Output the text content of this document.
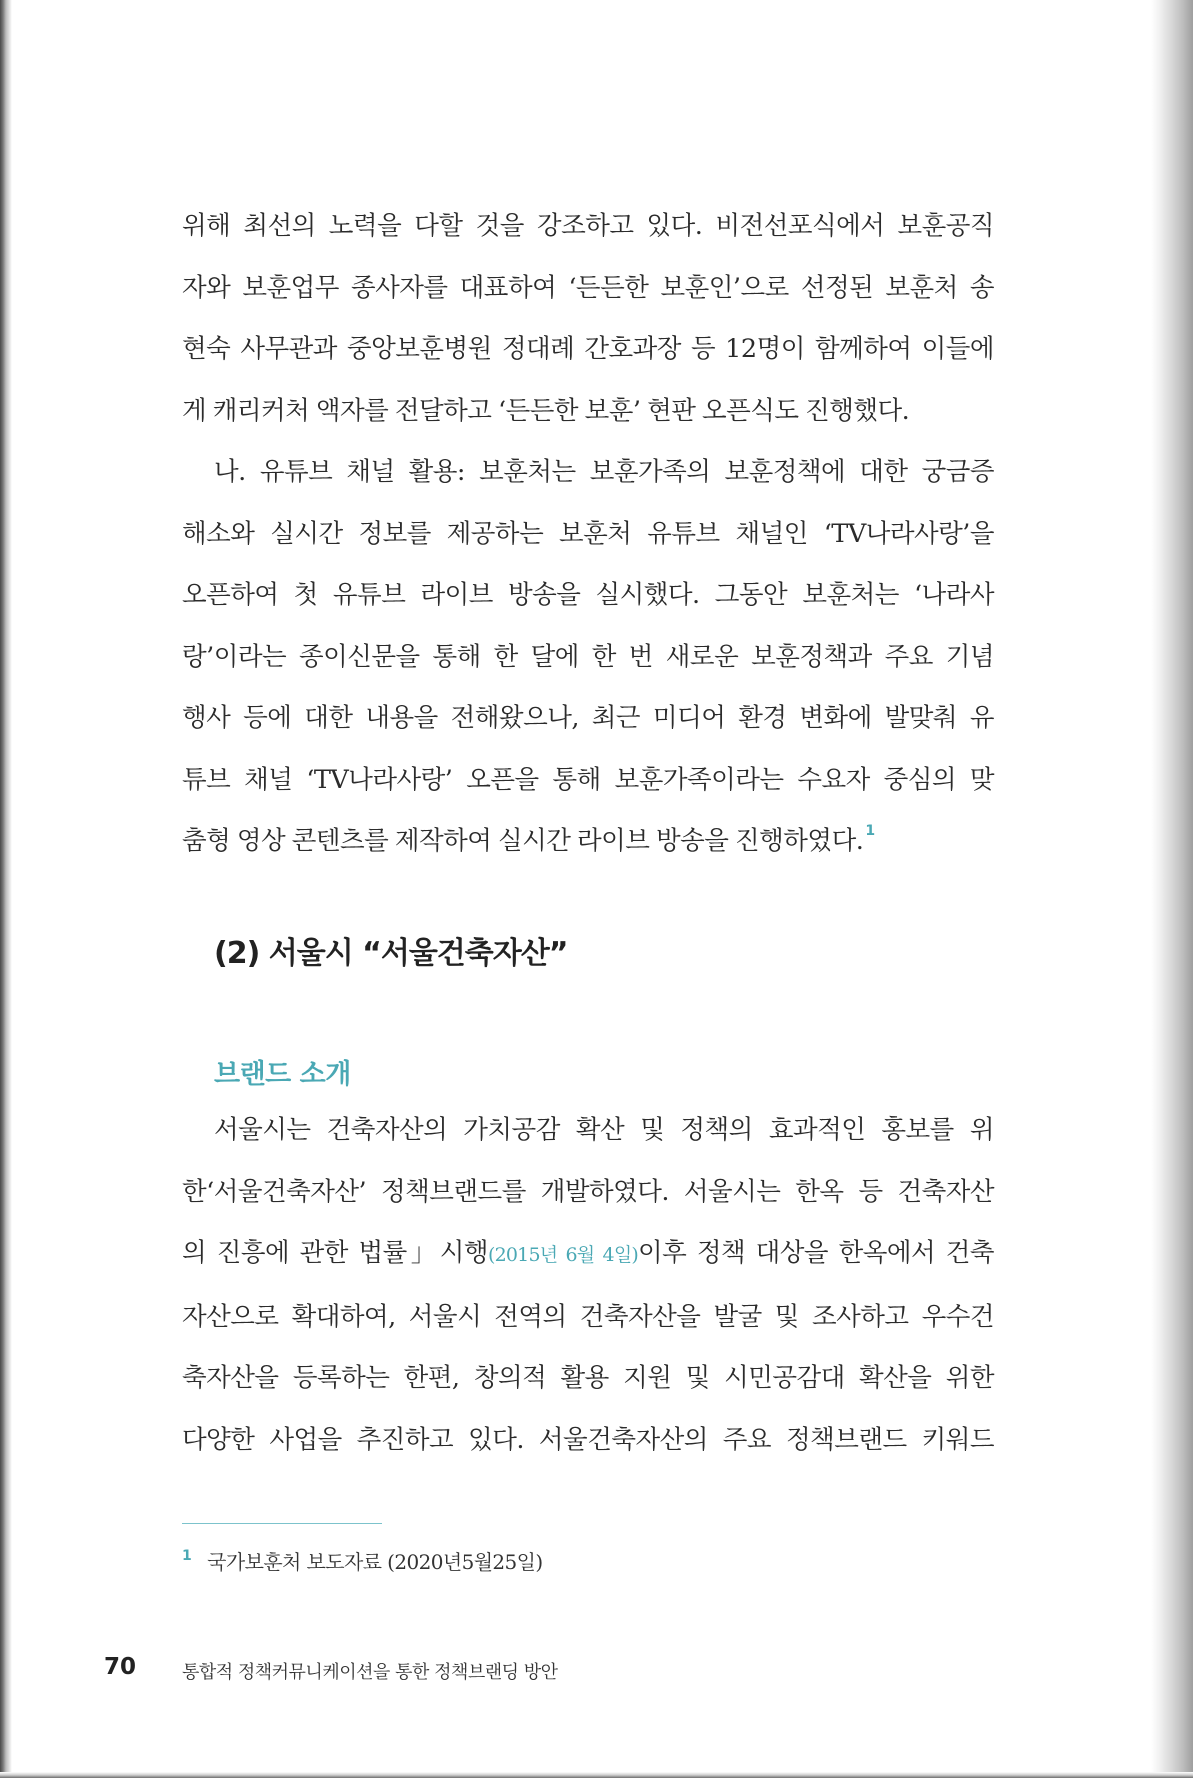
위해 최선의 노력을 다할 것을 강조하고 있다. 비전선포식에서 보훈공직
자와 보훈업무 종사자를 대표하여 ‘든든한 보훈인’으로 선정된 보훈처 송
현숙 사무관과 중앙보훈병원 정대례 간호과장 등 12명이 함께하여 이들에
게 캐리커처 액자를 전달하고 ‘든든한 보훈’ 현판 오픈식도 진행했다.

나. 유튜브 채널 활용: 보훈처는 보훈가족의 보훈정책에 대한 궁금증
해소와 실시간 정보를 제공하는 보훈처 유튜브 채널인 ‘TV나라사랑’을
오픈하여 첫 유튜브 라이브 방송을 실시했다. 그동안 보훈처는 ‘나라사
랑’이라는 종이신문을 통해 한 달에 한 번 새로운 보훈정책과 주요 기념
행사 등에 대한 내용을 전해왔으나, 최근 미디어 환경 변화에 발맞춰 유
튜브 채널 ‘TV나라사랑’ 오픈을 통해 보훈가족이라는 수요자 중심의 맞
춤형 영상 콘텐츠를 제작하여 실시간 라이브 방송을 진행하였다. $^1$

(2) 서울시 “서울건축자산”
브랜드 소개

서울시는 건축자산의 가치공감 확산 및 정책의 효과적인 홍보를 위
한‘서울건축자산’ 정책브랜드를 개발하였다. 서울시는 한옥 등 건축자산
의 진흥에 관한 법률」시행(2015년 6월 4일)이후 정책 대상을 한옥에서 건축
자산으로 확대하여, 서울시 전역의 건축자산을 발굴 및 조사하고 우수건
축자산을 등록하는 한편, 창의적 활용 지원 및 시민공감대 확산을 위한
다양한 사업을 추진하고 있다. 서울건축자산의 주요 정책브랜드 키워드

$^1$ 국가보훈처 보도자료 (2020년5월25일)
70	통합적 정책커뮤니케이션을 통한 정책브랜딩 방안
